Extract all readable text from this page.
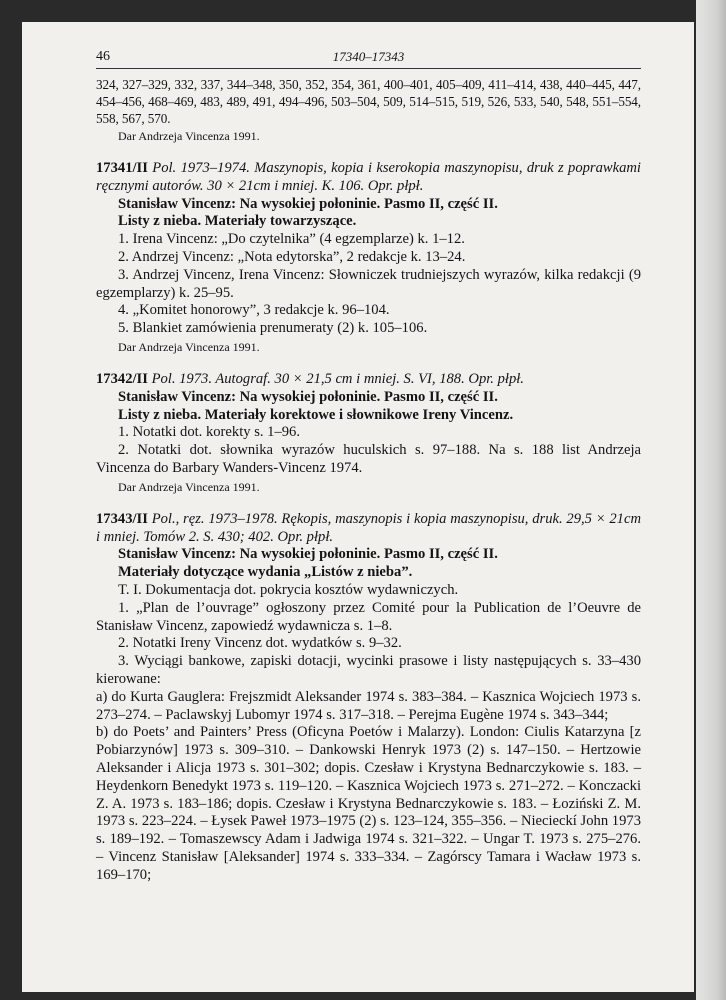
46	17340–17343
324, 327–329, 332, 337, 344–348, 350, 352, 354, 361, 400–401, 405–409, 411–414, 438, 440–445, 447, 454–456, 468–469, 483, 489, 491, 494–496, 503–504, 509, 514–515, 519, 526, 533, 540, 548, 551–554, 558, 567, 570.
Dar Andrzeja Vincenza 1991.
17341/II Pol. 1973–1974. Maszynopis, kopia i kserokopia maszynopisu, druk z poprawkami ręcznymi autorów. 30 × 21cm i mniej. K. 106. Opr. płpł.
Stanisław Vincenz: Na wysokiej połoninie. Pasmo II, część II.
Listy z nieba. Materiały towarzyszące.
1. Irena Vincenz: „Do czytelnika” (4 egzemplarze) k. 1–12.
2. Andrzej Vincenz: „Nota edytorska”, 2 redakcje k. 13–24.
3. Andrzej Vincenz, Irena Vincenz: Słowniczek trudniejszych wyrazów, kilka redakcji (9 egzemplarzy) k. 25–95.
4. „Komitet honorowy”, 3 redakcje k. 96–104.
5. Blankiet zamówienia prenumeraty (2) k. 105–106.
Dar Andrzeja Vincenza 1991.
17342/II Pol. 1973. Autograf. 30 × 21,5 cm i mniej. S. VI, 188. Opr. płpł.
Stanisław Vincenz: Na wysokiej połoninie. Pasmo II, część II.
Listy z nieba. Materiały korektowe i słownikowe Ireny Vincenz.
1. Notatki dot. korekty s. 1–96.
2. Notatki dot. słownika wyrazów huculskich s. 97–188. Na s. 188 list Andrzeja Vincenza do Barbary Wanders-Vincenz 1974.
Dar Andrzeja Vincenza 1991.
17343/II Pol., ręz. 1973–1978. Rękopis, maszynopis i kopia maszynopisu, druk. 29,5 × 21cm i mniej. Tomów 2. S. 430; 402. Opr. płpł.
Stanisław Vincenz: Na wysokiej połoninie. Pasmo II, część II.
Materiały dotyczące wydania „Listów z nieba”.
T. I. Dokumentacja dot. pokrycia kosztów wydawniczych.
1. „Plan de l’ouvrage” ogłoszony przez Comité pour la Publication de l’Oeuvre de Stanisław Vincenz, zapowiedź wydawnicza s. 1–8.
2. Notatki Ireny Vincenz dot. wydatków s. 9–32.
3. Wyciągi bankowe, zapiski dotacji, wycinki prasowe i listy następujących s. 33–430 kierowane:
a) do Kurta Gauglera: Frejszmidt Aleksander 1974 s. 383–384. – Kasznica Wojciech 1973 s. 273–274. – Paclawskyj Lubomyr 1974 s. 317–318. – Perejma Eugène 1974 s. 343–344;
b) do Poets’ and Painters’ Press (Oficyna Poetów i Malarzy). London: Ciulis Katarzyna [z Pobiarzynów] 1973 s. 309–310. – Dankowski Henryk 1973 (2) s. 147–150. – Hertzowie Aleksander i Alicja 1973 s. 301–302; dopis. Czesław i Krystyna Bednarczykowie s. 183. – Heydenkorn Benedykt 1973 s. 119–120. – Kasznica Wojciech 1973 s. 271–272. – Konczacki Z. A. 1973 s. 183–186; dopis. Czesław i Krystyna Bednarczykowie s. 183. – Łoziński Z. M. 1973 s. 223–224. – Łysek Paweł 1973–1975 (2) s. 123–124, 355–356. – Niecieckí John 1973 s. 189–192. – Tomaszewscy Adam i Jadwiga 1974 s. 321–322. – Ungar T. 1973 s. 275–276. – Vincenz Stanisław [Aleksander] 1974 s. 333–334. – Zagórscy Tamara i Wacław 1973 s. 169–170;
